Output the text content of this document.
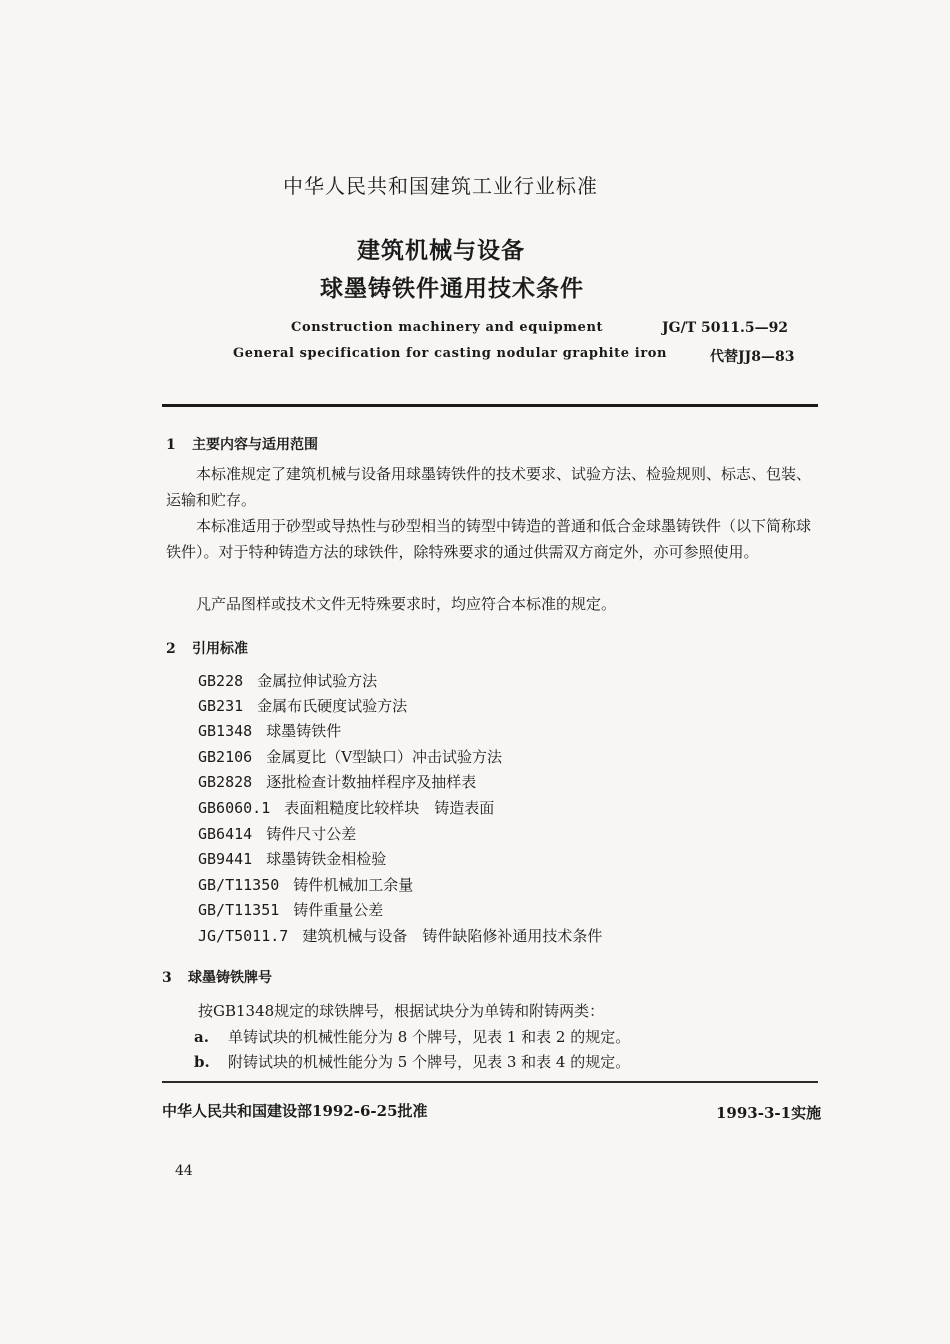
中华人民共和国建筑工业行业标准
建筑机械与设备
球墨铸铁件通用技术条件
Construction machinery and equipment
General specification for casting nodular graphite iron
JG/T 5011.5—92
代替JJ8—83
1 主要内容与适用范围
本标准规定了建筑机械与设备用球墨铸铁件的技术要求、试验方法、检验规则、标志、包装、运输和贮存。
本标准适用于砂型或导热性与砂型相当的铸型中铸造的普通和低合金球墨铸铁件（以下简称球铁件）。对于特种铸造方法的球铁件，除特殊要求的通过供需双方商定外，亦可参照使用。
凡产品图样或技术文件无特殊要求时，均应符合本标准的规定。
2 引用标准
GB228 金属拉伸试验方法
GB231 金属布氏硬度试验方法
GB1348 球墨铸铁件
GB2106 金属夏比（V型缺口）冲击试验方法
GB2828 逐批检查计数抽样程序及抽样表
GB6060.1 表面粗糙度比较样块　铸造表面
GB6414 铸件尺寸公差
GB9441 球墨铸铁金相检验
GB/T11350 铸件机械加工余量
GB/T11351 铸件重量公差
JG/T5011.7 建筑机械与设备　铸件缺陷修补通用技术条件
3 球墨铸铁牌号
按GB1348规定的球铁牌号，根据试块分为单铸和附铸两类：
a. 单铸试块的机械性能分为 8 个牌号，见表 1 和表 2 的规定。
b. 附铸试块的机械性能分为 5 个牌号，见表 3 和表 4 的规定。
中华人民共和国建设部1992-6-25批准	1993-3-1实施
44
